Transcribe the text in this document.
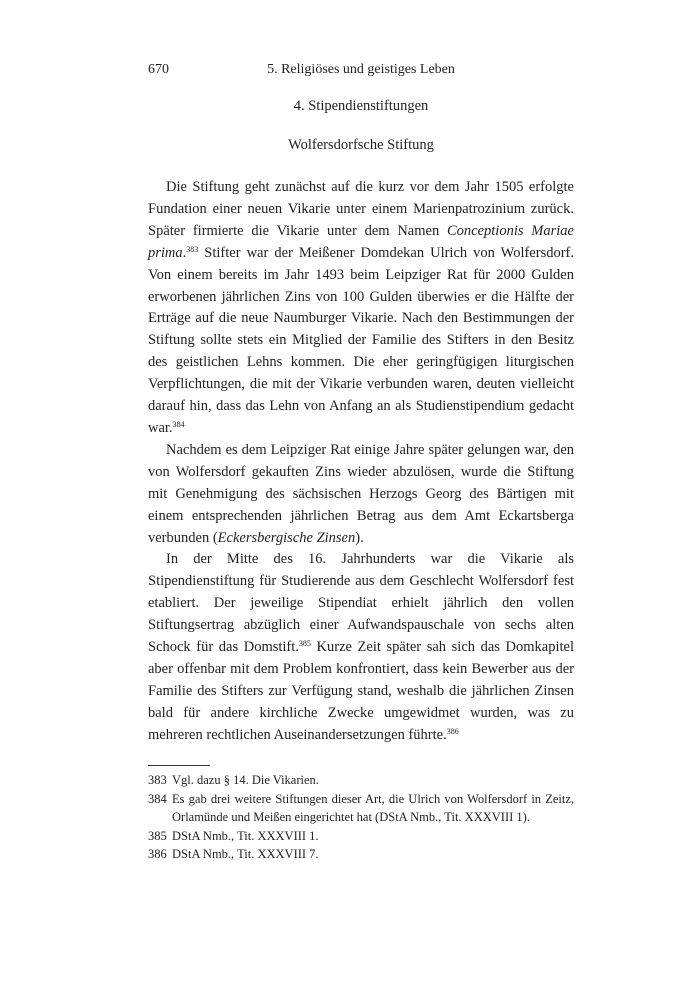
670	5. Religiöses und geistiges Leben
4. Stipendienstiftungen
Wolfersdorfsche Stiftung

Die Stiftung geht zunächst auf die kurz vor dem Jahr 1505 erfolgte Fundation einer neuen Vikarie unter einem Marienpatrozinium zurück. Später firmierte die Vikarie unter dem Namen Conceptionis Mariae prima.$^{383}$ Stifter war der Meißener Domdekan Ulrich von Wolfersdorf. Von einem bereits im Jahr 1493 beim Leipziger Rat für 2000 Gulden erworbenen jährlichen Zins von 100 Gulden überwies er die Hälfte der Erträge auf die neue Naumburger Vikarie. Nach den Bestimmungen der Stiftung sollte stets ein Mitglied der Familie des Stifters in den Besitz des geistlichen Lehns kommen. Die eher geringfügigen liturgischen Verpflichtungen, die mit der Vikarie verbunden waren, deuten vielleicht darauf hin, dass das Lehn von Anfang an als Studienstipendium gedacht war.$^{384}$

Nachdem es dem Leipziger Rat einige Jahre später gelungen war, den von Wolfersdorf gekauften Zins wieder abzulösen, wurde die Stiftung mit Genehmigung des sächsischen Herzogs Georg des Bärtigen mit einem entsprechenden jährlichen Betrag aus dem Amt Eckartsberga verbunden (Eckersbergische Zinsen).

In der Mitte des 16. Jahrhunderts war die Vikarie als Stipendienstiftung für Studierende aus dem Geschlecht Wolfersdorf fest etabliert. Der jeweilige Stipendiat erhielt jährlich den vollen Stiftungsertrag abzüglich einer Aufwandspauschale von sechs alten Schock für das Domstift.$^{385}$ Kurze Zeit später sah sich das Domkapitel aber offenbar mit dem Problem konfrontiert, dass kein Bewerber aus der Familie des Stifters zur Verfügung stand, weshalb die jährlichen Zinsen bald für andere kirchliche Zwecke umgewidmet wurden, was zu mehreren rechtlichen Auseinandersetzungen führte.$^{386}$

383 Vgl. dazu § 14. Die Vikarien.
384 Es gab drei weitere Stiftungen dieser Art, die Ulrich von Wolfersdorf in Zeitz, Orlamünde und Meißen eingerichtet hat (DStA Nmb., Tit. XXXVIII 1).
385 DStA Nmb., Tit. XXXVIII 1.
386 DStA Nmb., Tit. XXXVIII 7.
